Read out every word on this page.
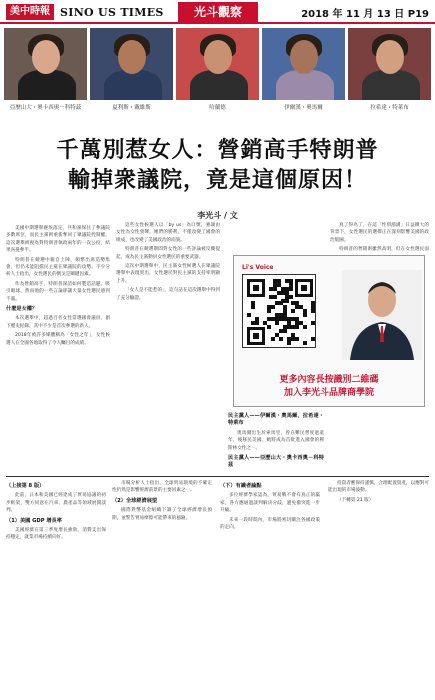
美中時報 SINO US TIMES	光斗觀察	2018 年 11 月 13 日 P19
亞歷山大・奧卡西奧－科特茲	夏利斯・戴維斯	哈蘭德	伊爾漢・奧馬爾	拉希達・特萊布
千萬別惹女人：營銷高手特朗普
輸掉衆議院，竟是這個原因！
李光斗 / 文

美國中期選舉塵埃落定，共和黨保住了參議院多數席位，而民主黨則重新奪回了眾議院控制權。這次選舉被視為對特朗普執政兩年的一次公投，結果喜憂參半。

特朗普在競選中親自上陣，頻繁出席造勢集會，但仍未能阻擋民主黨在眾議院的攻勢。不少分析人士指出，女性選民的倒戈是關鍵因素。

作為營銷高手，特朗普深諳如何製造話題、吸引眼球，然而他的一些言論卻讓大量女性選民感到不滿。

什麼是女權？

本次選舉中，超過百名女性當選國會議員，創下歷史紀錄，其中不少是首次參選的新人。

2018年被許多媒體稱為「女性之年」，女性候選人在全國各地取得了令人矚目的成績。

這些女性候選人以「by us」為口號，強調由女性為女性發聲。她們的勝利，不僅改變了國會的組成，也改變了美國政治的面貌。

特朗普在競選期間對女性的一些評論被反覆提起，成為民主黨動員女性選民的重要武器。

這次中期選舉中，民主黨女性候選人在眾議院選舉中表現突出，女性選民對民主黨的支持率明顯上升。

「女人是不能惹的」，這句話在這次選舉中得到了充分驗證。

真了得為了，在這「性別鴻溝」日益擴大的背景下，女性選民的選擇正在深刻影響美國的政治版圖。

特朗普的營銷術雖然高明，但在女性選民面

民主黨人——伊爾漢・奧馬爾、拉希達・特萊布

奧馬爾出生於索馬里，曾在難民營度過童年，後移民美國。她將成為首批進入國會的穆斯林女性之一。

民主黨人——亞歷山大・奧卡西奧－科特茲

（上接第 8 版）

此前，日本和美國已經達成了貿易協議的初步框架，雙方同意在汽車、農產品等領域展開談判。

（1）美國 GDP 增長率

美國經濟在第三季度增長強勁，消費支出保持穩定，就業市場持續向好。

市場分析人士指出，全球貿易環境的不確定性仍然是影響經濟前景的主要因素之一。

（2）全球經濟展望

國際貨幣基金組織下調了全球經濟增長預期，並警告貿易摩擦可能帶來的風險。

（下）有識者論點

多位經濟學家認為，貿易戰不會有真正的贏家，各方應通過談判解決分歧，避免衝突進一步升級。

未來一段時間內，市場將密切關注各國政策的走向。

投資者應保持謹慎，合理配置資產，以應對可能出現的市場波動。

（下轉第 21 版）

Li's Voice
更多內容長按識別二維碼
加入李光斗品牌商學院
